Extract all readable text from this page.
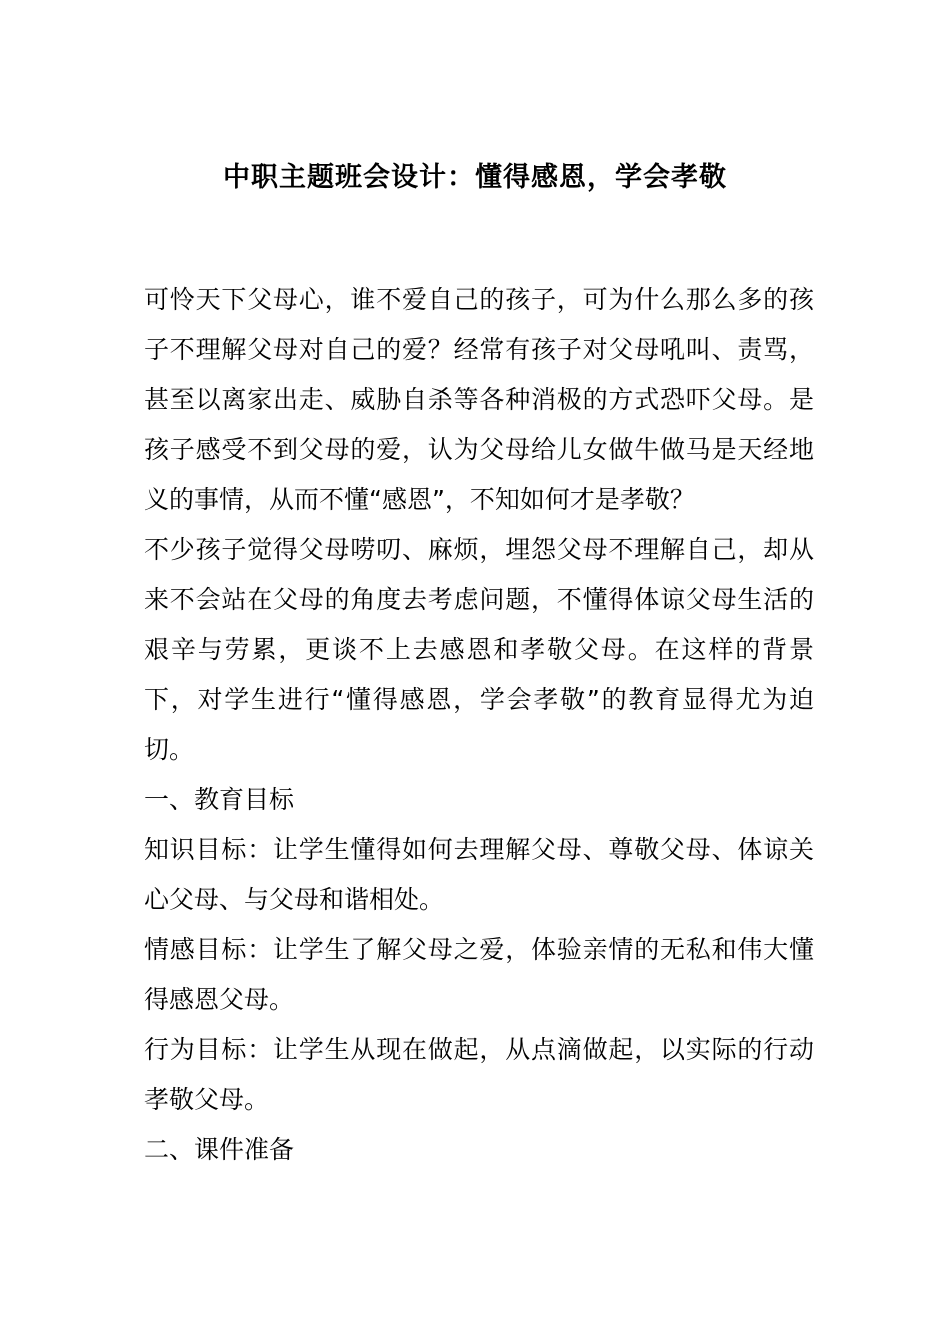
中职主题班会设计：懂得感恩，学会孝敬

可怜天下父母心，谁不爱自己的孩子，可为什么那么多的孩子不理解父母对自己的爱？经常有孩子对父母吼叫、责骂，甚至以离家出走、威胁自杀等各种消极的方式恐吓父母。是孩子感受不到父母的爱，认为父母给儿女做牛做马是天经地义的事情，从而不懂“感恩”，不知如何才是孝敬？

不少孩子觉得父母唠叨、麻烦，埋怨父母不理解自己，却从来不会站在父母的角度去考虑问题，不懂得体谅父母生活的艰辛与劳累，更谈不上去感恩和孝敬父母。在这样的背景下，对学生进行“懂得感恩，学会孝敬”的教育显得尤为迫切。

一、教育目标

知识目标：让学生懂得如何去理解父母、尊敬父母、体谅关心父母、与父母和谐相处。

情感目标：让学生了解父母之爱，体验亲情的无私和伟大懂得感恩父母。

行为目标：让学生从现在做起，从点滴做起，以实际的行动孝敬父母。

二、课件准备
